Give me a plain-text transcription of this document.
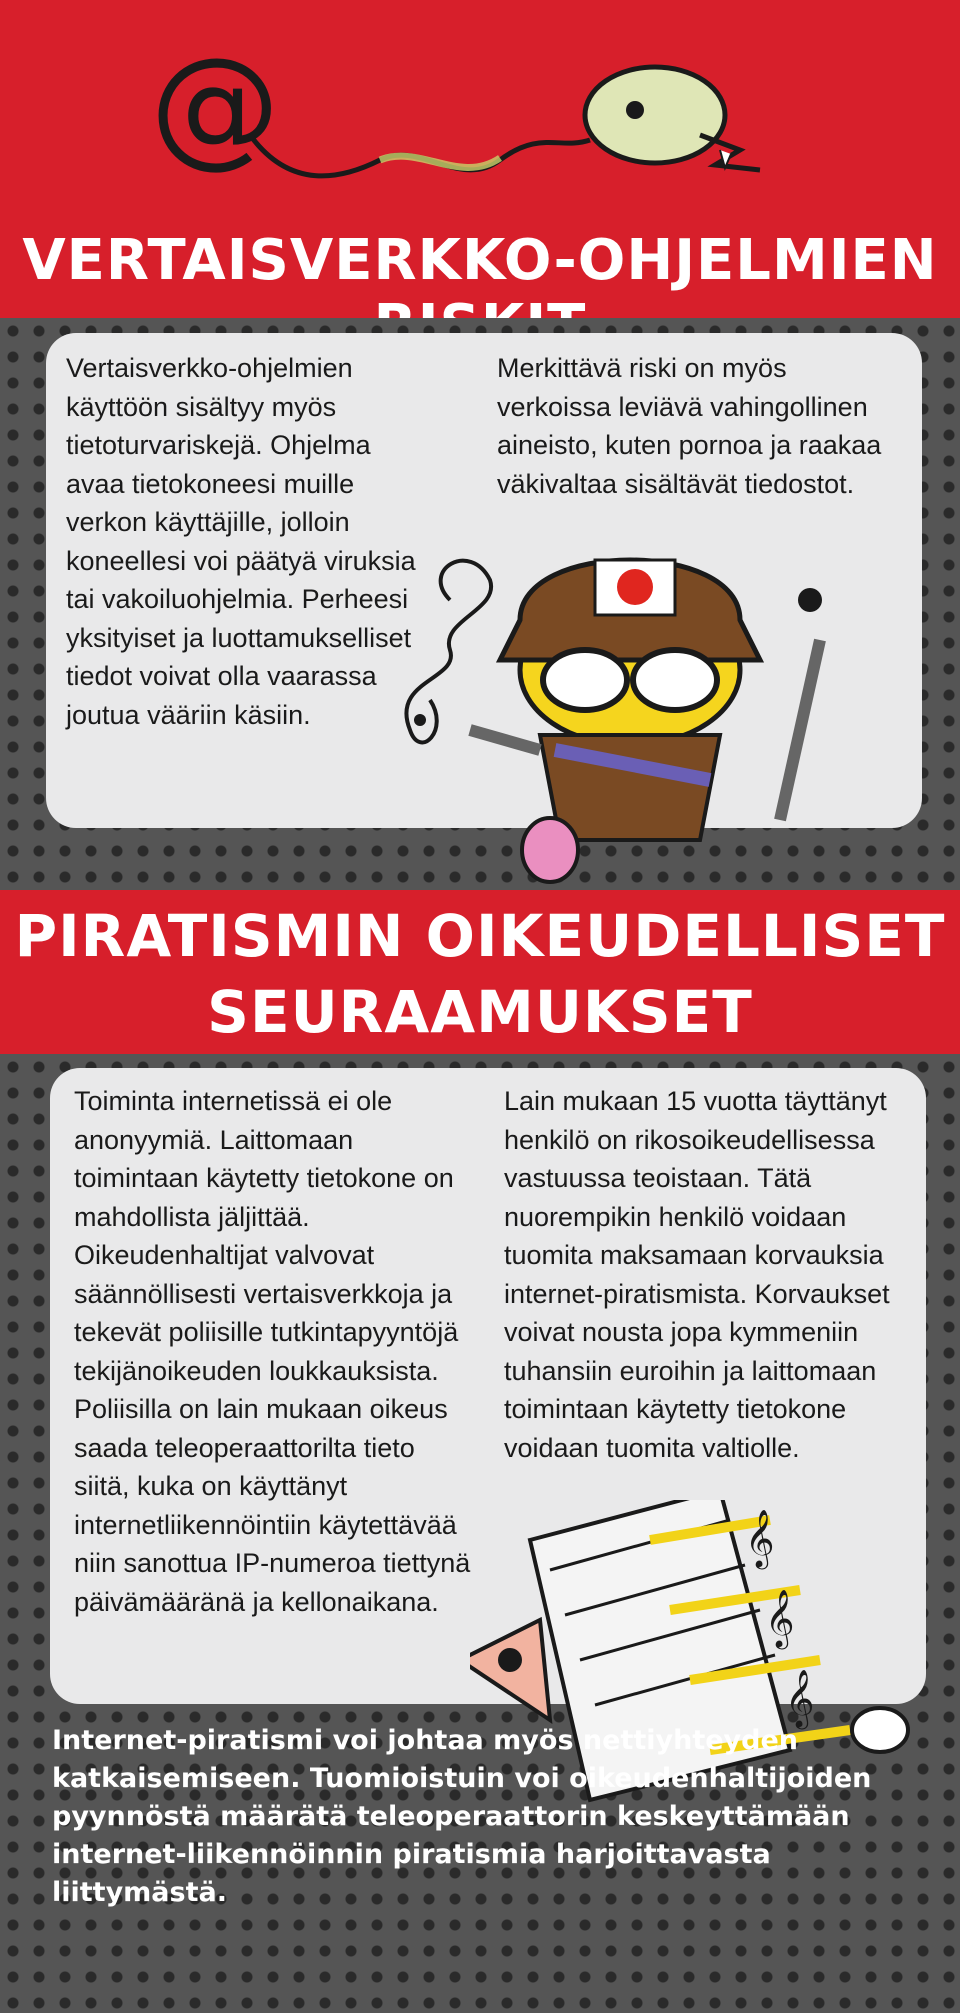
@
VERTAISVERKKO-OHJELMIEN
Vertaisverkko-ohjelmien käyttöön sisältyy myös tietoturvariskejä. Ohjelma avaa tietokoneesi muille verkon käyttäjille, jolloin koneellesi voi päätyä viruksia tai vakoiluohjelmia. Perheesi yksityiset ja luottamukselliset tiedot voivat olla vaarassa joutua vääriin käsiin.
Merkittävä riski on myös verkoissa leviävä vahingollinen aineisto, kuten pornoa ja raakaa väkivaltaa sisältävät tiedostot.
PIRATISMIN OIKEUDELLISET
SEURAAMUKSET
Toiminta internetissä ei ole anonyymiä. Laittomaan toimintaan käytetty tietokone on mahdollista jäljittää. Oikeudenhaltijat valvovat säännöllisesti vertaisverkkoja ja tekevät poliisille tutkintapyyntöjä tekijänoikeuden loukkauksista. Poliisilla on lain mukaan oikeus saada teleoperaattorilta tieto siitä, kuka on käyttänyt internetliikennöintiin käytettävää niin sanottua IP-numeroa tiettynä päivämääränä ja kellonaikana.
Lain mukaan 15 vuotta täyttänyt henkilö on rikosoikeudellisessa vastuussa teoistaan. Tätä nuorempikin henkilö voidaan tuomita maksamaan korvauksia internet-piratismista. Korvaukset voivat nousta jopa kymmeniin tuhansiin euroihin ja laittomaan toimintaan käytetty tietokone voidaan tuomita valtiolle.
𝄞
𝄞
𝄞
Internet-piratismi voi johtaa myös nettiyhteyden katkaisemiseen. Tuomioistuin voi oikeudenhaltijoiden pyynnöstä määrätä teleoperaattorin keskeyttämään internet-liikennöinnin piratismia harjoittavasta liittymästä.
